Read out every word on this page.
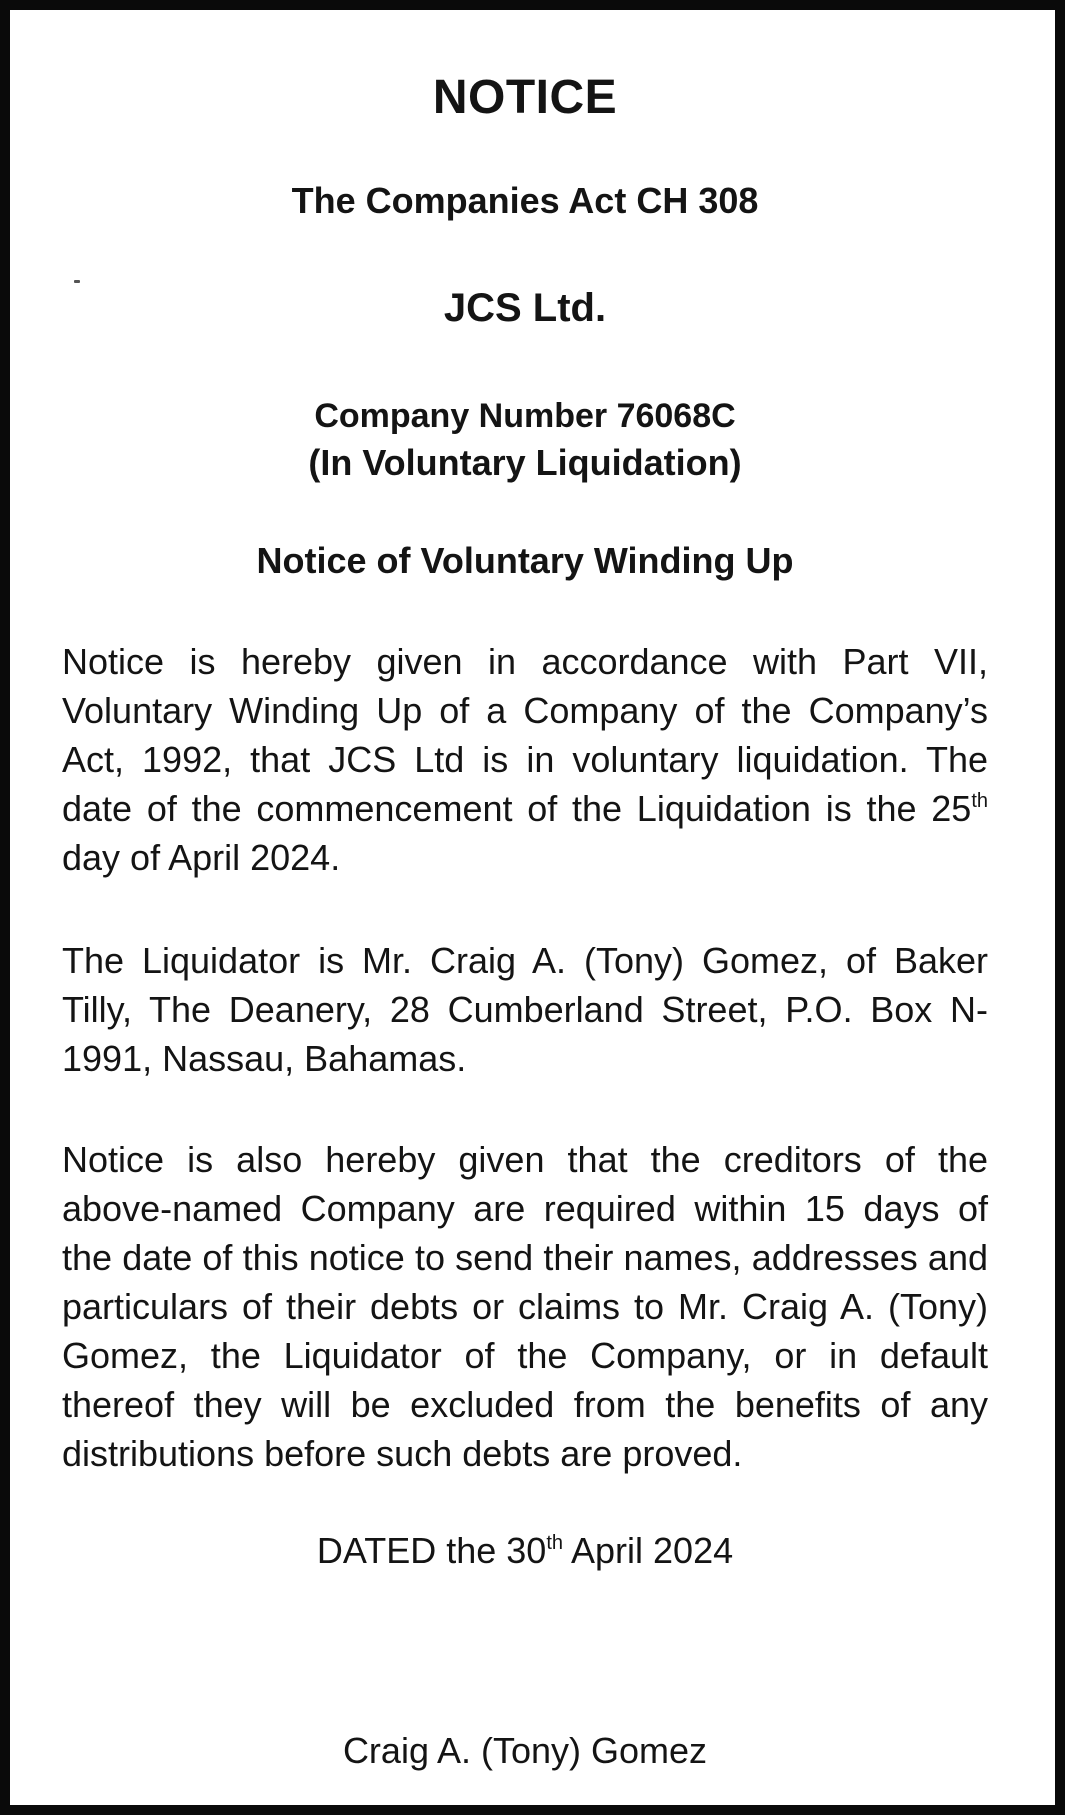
NOTICE
The Companies Act CH 308
JCS Ltd.
Company Number 76068C
(In Voluntary Liquidation)
Notice of Voluntary Winding Up
Notice is hereby given in accordance with Part VII, Voluntary Winding Up of a Company of the Company’s Act, 1992, that JCS Ltd is in voluntary liquidation. The date of the commencement of the Liquidation is the 25th day of April 2024.
The Liquidator is Mr. Craig A. (Tony) Gomez, of Baker Tilly, The Deanery, 28 Cumberland Street, P.O. Box N-1991, Nassau, Bahamas.
Notice is also hereby given that the creditors of the above-named Company are required within 15 days of the date of this notice to send their names, addresses and particulars of their debts or claims to Mr. Craig A. (Tony) Gomez, the Liquidator of the Company, or in default thereof they will be excluded from the benefits of any distributions before such debts are proved.
DATED the 30th April 2024
Craig A. (Tony) Gomez
